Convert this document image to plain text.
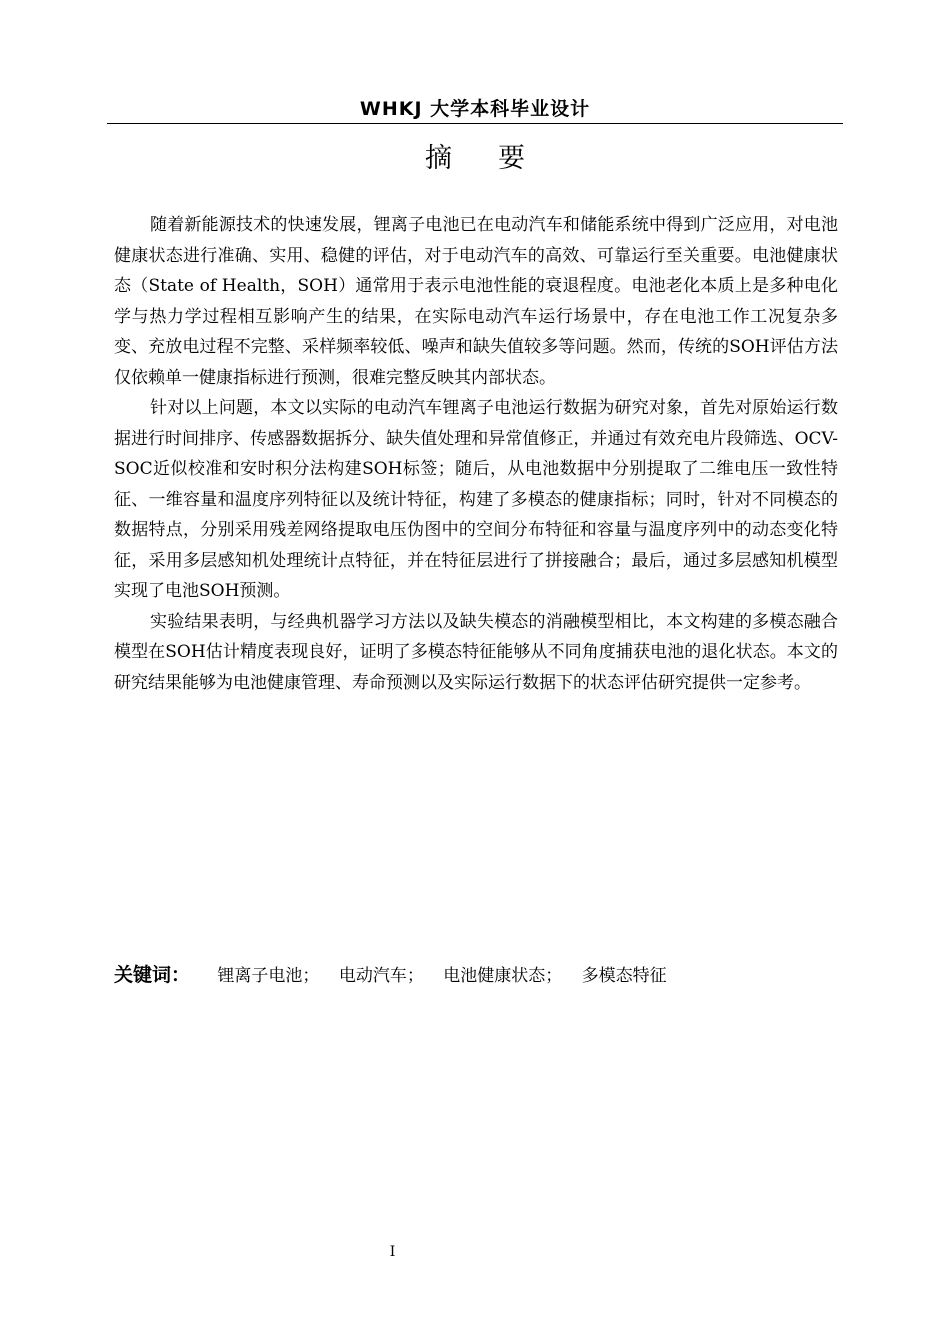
WHKJ 大学本科毕业设计
摘要

随着新能源技术的快速发展，锂离子电池已在电动汽车和储能系统中得到广泛应用，对电池健康状态进行准确、实用、稳健的评估，对于电动汽车的高效、可靠运行至关重要。电池健康状态（State of Health，SOH）通常用于表示电池性能的衰退程度。电池老化本质上是多种电化学与热力学过程相互影响产生的结果，在实际电动汽车运行场景中，存在电池工作工况复杂多变、充放电过程不完整、采样频率较低、噪声和缺失值较多等问题。然而，传统的SOH评估方法仅依赖单一健康指标进行预测，很难完整反映其内部状态。

针对以上问题，本文以实际的电动汽车锂离子电池运行数据为研究对象，首先对原始运行数据进行时间排序、传感器数据拆分、缺失值处理和异常值修正，并通过有效充电片段筛选、OCV-SOC近似校准和安时积分法构建SOH标签；随后，从电池数据中分别提取了二维电压一致性特征、一维容量和温度序列特征以及统计特征，构建了多模态的健康指标；同时，针对不同模态的数据特点，分别采用残差网络提取电压伪图中的空间分布特征和容量与温度序列中的动态变化特征，采用多层感知机处理统计点特征，并在特征层进行了拼接融合；最后，通过多层感知机模型实现了电池SOH预测。

实验结果表明，与经典机器学习方法以及缺失模态的消融模型相比，本文构建的多模态融合模型在SOH估计精度表现良好，证明了多模态特征能够从不同角度捕获电池的退化状态。本文的研究结果能够为电池健康管理、寿命预测以及实际运行数据下的状态评估研究提供一定参考。

关键词： 锂离子电池； 电动汽车； 电池健康状态； 多模态特征
I
